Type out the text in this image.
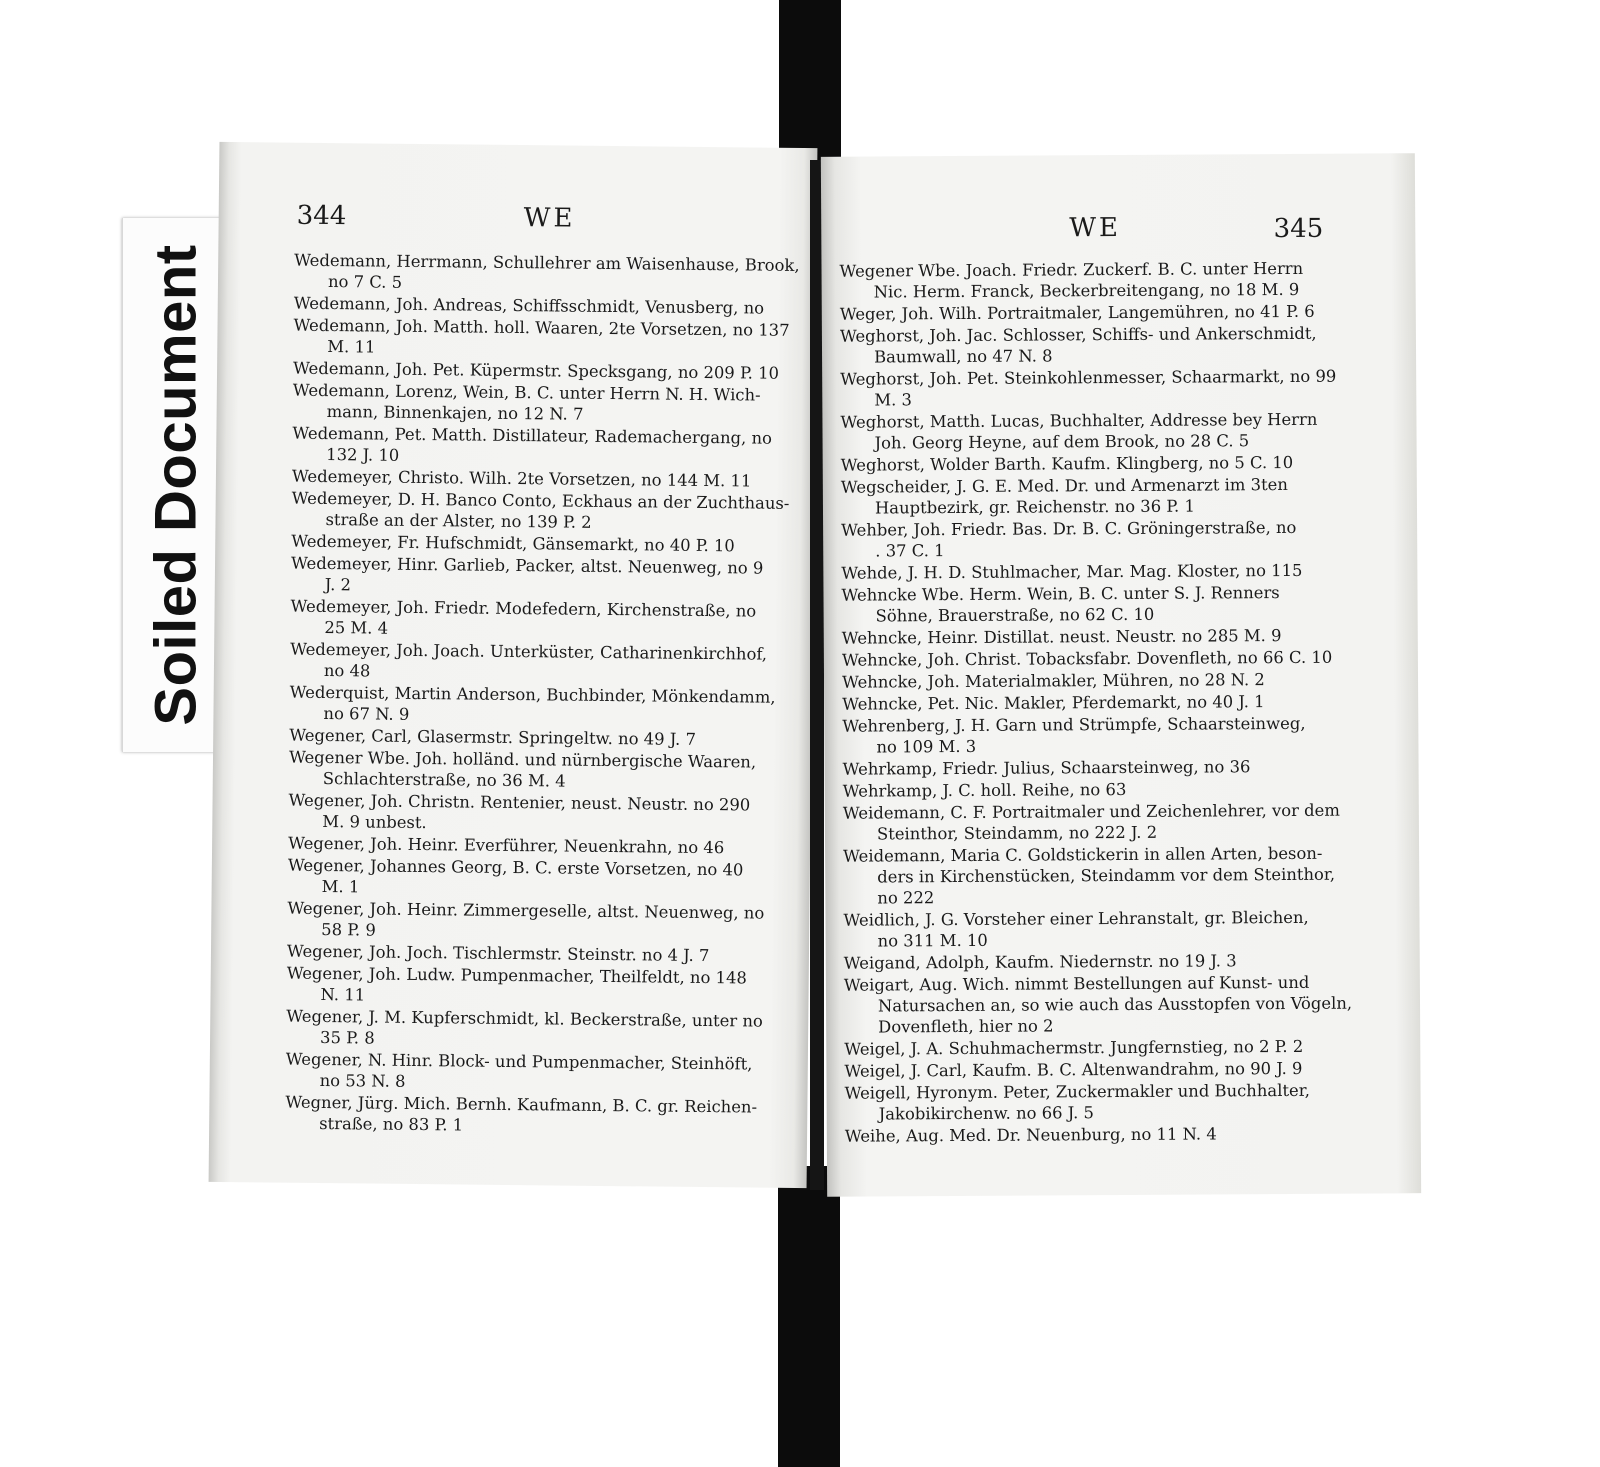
Soiled Document
344	WE
Wedemann, Herrmann, Schullehrer am Waisenhause, Brook,
no 7 C. 5
Wedemann, Joh. Andreas, Schiffsschmidt, Venusberg, no
Wedemann, Joh. Matth. holl. Waaren, 2te Vorsetzen, no 137
M. 11
Wedemann, Joh. Pet. Küpermstr. Specksgang, no 209 P. 10
Wedemann, Lorenz, Wein, B. C. unter Herrn N. H. Wich-
mann, Binnenkajen, no 12 N. 7
Wedemann, Pet. Matth. Distillateur, Rademachergang, no
132 J. 10
Wedemeyer, Christo. Wilh. 2te Vorsetzen, no 144 M. 11
Wedemeyer, D. H. Banco Conto, Eckhaus an der Zuchthaus-
straße an der Alster, no 139 P. 2
Wedemeyer, Fr. Hufschmidt, Gänsemarkt, no 40 P. 10
Wedemeyer, Hinr. Garlieb, Packer, altst. Neuenweg, no 9
J. 2
Wedemeyer, Joh. Friedr. Modefedern, Kirchenstraße, no
25 M. 4
Wedemeyer, Joh. Joach. Unterküster, Catharinenkirchhof,
no 48
Wederquist, Martin Anderson, Buchbinder, Mönkendamm,
no 67 N. 9
Wegener, Carl, Glasermstr. Springeltw. no 49 J. 7
Wegener Wbe. Joh. holländ. und nürnbergische Waaren,
Schlachterstraße, no 36 M. 4
Wegener, Joh. Christn. Rentenier, neust. Neustr. no 290
M. 9 unbest.
Wegener, Joh. Heinr. Everführer, Neuenkrahn, no 46
Wegener, Johannes Georg, B. C. erste Vorsetzen, no 40
M. 1
Wegener, Joh. Heinr. Zimmergeselle, altst. Neuenweg, no
58 P. 9
Wegener, Joh. Joch. Tischlermstr. Steinstr. no 4 J. 7
Wegener, Joh. Ludw. Pumpenmacher, Theilfeldt, no 148
N. 11
Wegener, J. M. Kupferschmidt, kl. Beckerstraße, unter no
35 P. 8
Wegener, N. Hinr. Block- und Pumpenmacher, Steinhöft,
no 53 N. 8
Wegner, Jürg. Mich. Bernh. Kaufmann, B. C. gr. Reichen-
straße, no 83 P. 1
WE	345
Wegener Wbe. Joach. Friedr. Zuckerf. B. C. unter Herrn
Nic. Herm. Franck, Beckerbreitengang, no 18 M. 9
Weger, Joh. Wilh. Portraitmaler, Langemühren, no 41 P. 6
Weghorst, Joh. Jac. Schlosser, Schiffs- und Ankerschmidt,
Baumwall, no 47 N. 8
Weghorst, Joh. Pet. Steinkohlenmesser, Schaarmarkt, no 99
M. 3
Weghorst, Matth. Lucas, Buchhalter, Addresse bey Herrn
Joh. Georg Heyne, auf dem Brook, no 28 C. 5
Weghorst, Wolder Barth. Kaufm. Klingberg, no 5 C. 10
Wegscheider, J. G. E. Med. Dr. und Armenarzt im 3ten
Hauptbezirk, gr. Reichenstr. no 36 P. 1
Wehber, Joh. Friedr. Bas. Dr. B. C. Gröningerstraße, no
. 37 C. 1
Wehde, J. H. D. Stuhlmacher, Mar. Mag. Kloster, no 115
Wehncke Wbe. Herm. Wein, B. C. unter S. J. Renners
Söhne, Brauerstraße, no 62 C. 10
Wehncke, Heinr. Distillat. neust. Neustr. no 285 M. 9
Wehncke, Joh. Christ. Tobacksfabr. Dovenfleth, no 66 C. 10
Wehncke, Joh. Materialmakler, Mühren, no 28 N. 2
Wehncke, Pet. Nic. Makler, Pferdemarkt, no 40 J. 1
Wehrenberg, J. H. Garn und Strümpfe, Schaarsteinweg,
no 109 M. 3
Wehrkamp, Friedr. Julius, Schaarsteinweg, no 36
Wehrkamp, J. C. holl. Reihe, no 63
Weidemann, C. F. Portraitmaler und Zeichenlehrer, vor dem
Steinthor, Steindamm, no 222 J. 2
Weidemann, Maria C. Goldstickerin in allen Arten, beson-
ders in Kirchenstücken, Steindamm vor dem Steinthor,
no 222
Weidlich, J. G. Vorsteher einer Lehranstalt, gr. Bleichen,
no 311 M. 10
Weigand, Adolph, Kaufm. Niedernstr. no 19 J. 3
Weigart, Aug. Wich. nimmt Bestellungen auf Kunst- und
Natursachen an, so wie auch das Ausstopfen von Vögeln,
Dovenfleth, hier no 2
Weigel, J. A. Schuhmachermstr. Jungfernstieg, no 2 P. 2
Weigel, J. Carl, Kaufm. B. C. Altenwandrahm, no 90 J. 9
Weigell, Hyronym. Peter, Zuckermakler und Buchhalter,
Jakobikirchenw. no 66 J. 5
Weihe, Aug. Med. Dr. Neuenburg, no 11 N. 4
